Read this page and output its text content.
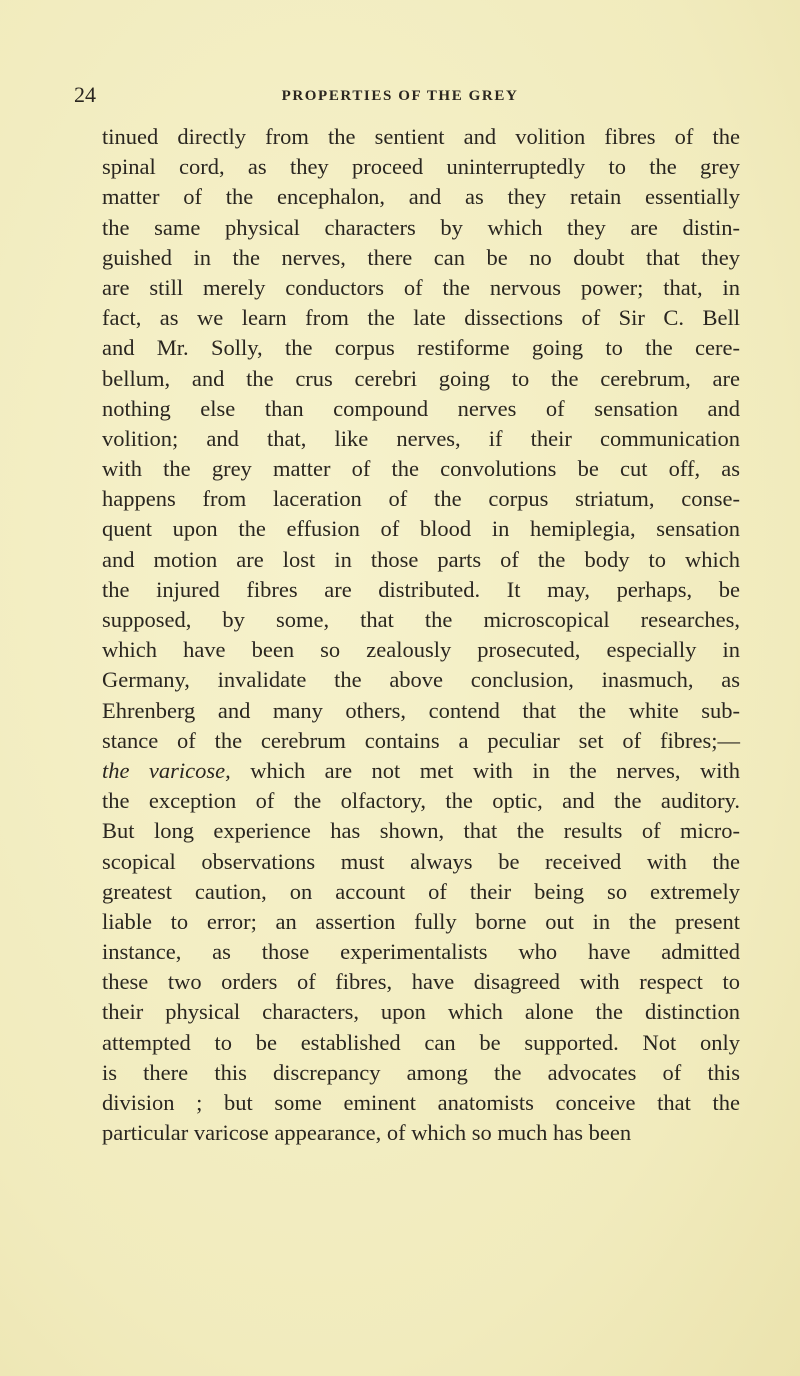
24	PROPERTIES OF THE GREY
tinued directly from the sentient and volition fibres of the
spinal cord, as they proceed uninterruptedly to the grey
matter of the encephalon, and as they retain essentially
the same physical characters by which they are distin-
guished in the nerves, there can be no doubt that they
are still merely conductors of the nervous power; that, in
fact, as we learn from the late dissections of Sir C. Bell
and Mr. Solly, the corpus restiforme going to the cere-
bellum, and the crus cerebri going to the cerebrum, are
nothing else than compound nerves of sensation and
volition; and that, like nerves, if their communication
with the grey matter of the convolutions be cut off, as
happens from laceration of the corpus striatum, conse-
quent upon the effusion of blood in hemiplegia, sensation
and motion are lost in those parts of the body to which
the injured fibres are distributed. It may, perhaps, be
supposed, by some, that the microscopical researches,
which have been so zealously prosecuted, especially in
Germany, invalidate the above conclusion, inasmuch, as
Ehrenberg and many others, contend that the white sub-
stance of the cerebrum contains a peculiar set of fibres;—
the varicose, which are not met with in the nerves, with
the exception of the olfactory, the optic, and the auditory.
But long experience has shown, that the results of micro-
scopical observations must always be received with the
greatest caution, on account of their being so extremely
liable to error; an assertion fully borne out in the present
instance, as those experimentalists who have admitted
these two orders of fibres, have disagreed with respect to
their physical characters, upon which alone the distinction
attempted to be established can be supported. Not only
is there this discrepancy among the advocates of this
division ; but some eminent anatomists conceive that the
particular varicose appearance, of which so much has been
